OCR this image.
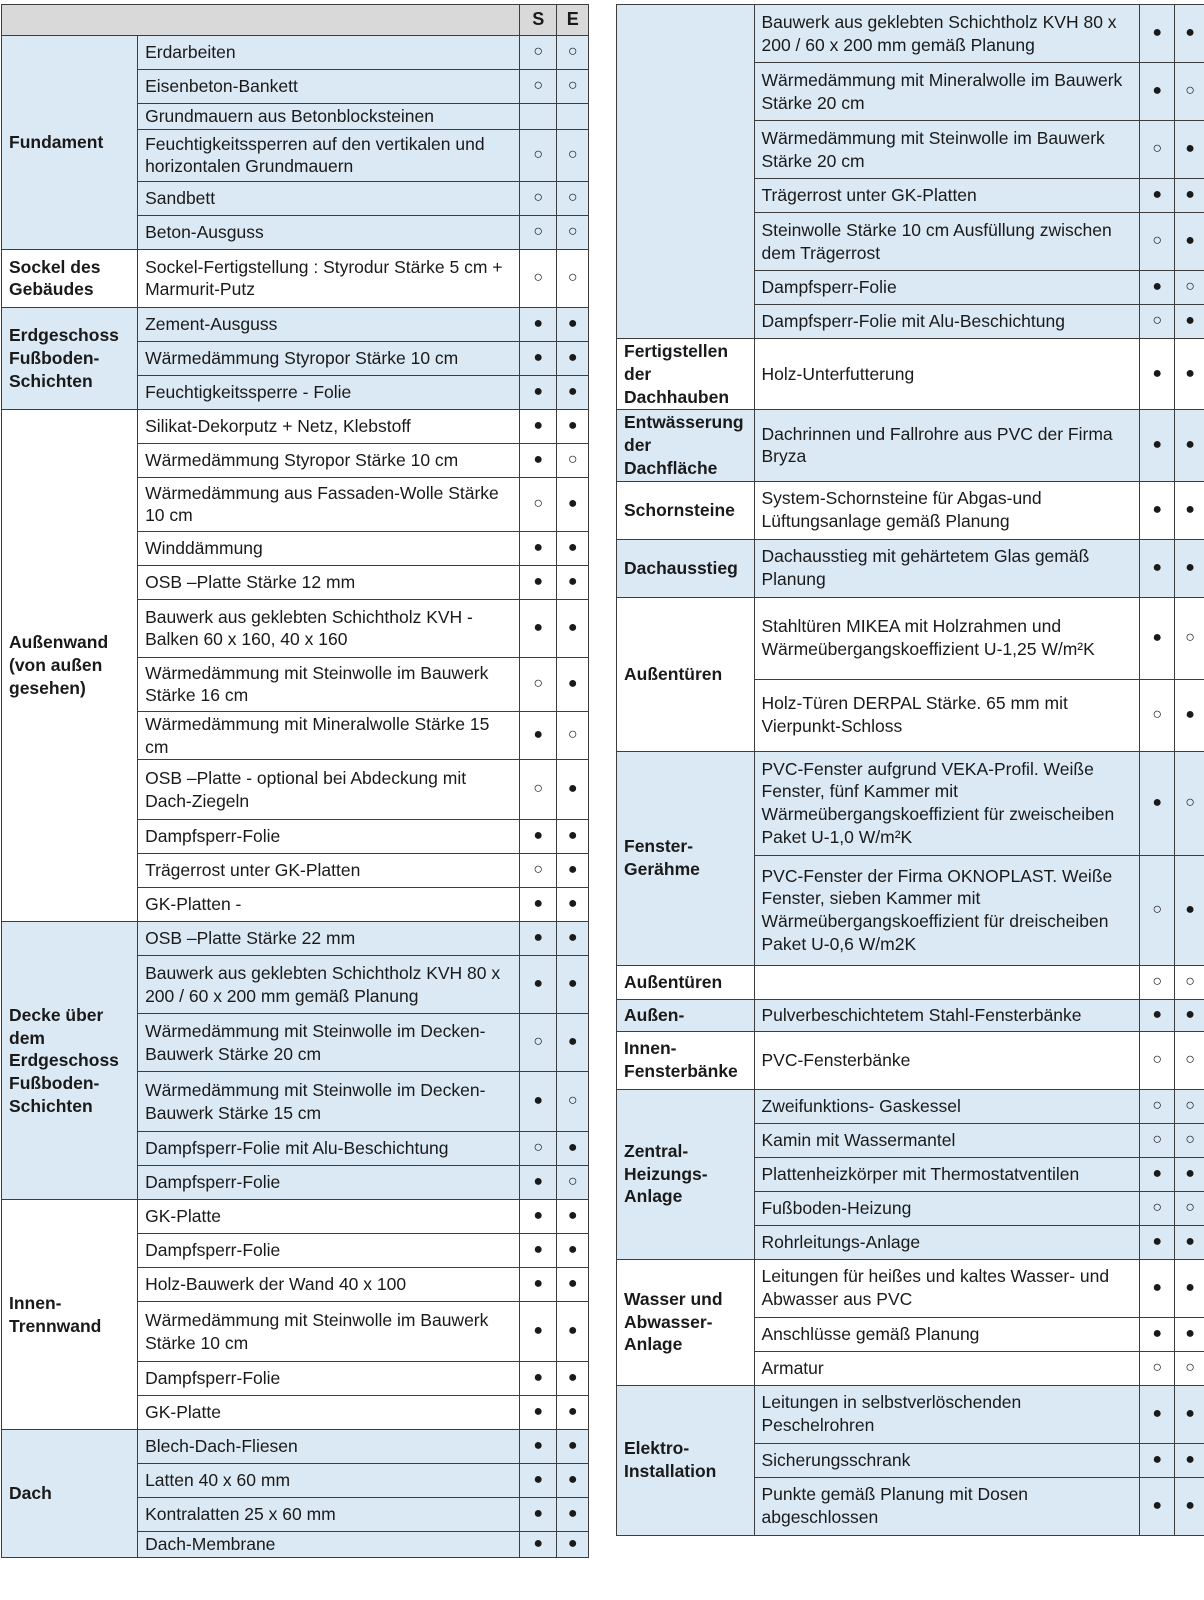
		S	E
Fundament	Erdarbeiten	○	○
	Eisenbeton-Bankett	○	○
	Grundmauern aus Betonblocksteinen		
	Feuchtigkeitssperren auf den vertikalen und horizontalen Grundmauern	○	○
	Sandbett	○	○
	Beton-Ausguss	○	○
Sockel des Gebäudes	Sockel-Fertigstellung : Styrodur Stärke 5 cm + Marmurit-Putz	○	○
Erdgeschoss Fußboden-Schichten	Zement-Ausguss	●	●
	Wärmedämmung Styropor Stärke 10 cm	●	●
	Feuchtigkeitssperre - Folie	●	●
Außenwand (von außen gesehen)	Silikat-Dekorputz + Netz, Klebstoff	●	●
	Wärmedämmung Styropor Stärke 10 cm	●	○
	Wärmedämmung aus Fassaden-Wolle Stärke 10 cm	○	●
	Winddämmung	●	●
	OSB –Platte Stärke 12 mm	●	●
	Bauwerk aus geklebten Schichtholz KVH - Balken 60 x 160, 40 x 160	●	●
	Wärmedämmung mit Steinwolle im Bauwerk Stärke 16 cm	○	●
	Wärmedämmung mit Mineralwolle Stärke 15 cm	●	○
	OSB –Platte - optional bei Abdeckung mit Dach-Ziegeln	○	●
	Dampfsperr-Folie	●	●
	Trägerrost unter GK-Platten	○	●
	GK-Platten -	●	●
Decke über dem Erdgeschoss Fußboden-Schichten	OSB –Platte Stärke 22 mm	●	●
	Bauwerk aus geklebten Schichtholz KVH 80 x 200 / 60 x 200 mm gemäß Planung	●	●
	Wärmedämmung mit Steinwolle im Decken-Bauwerk Stärke 20 cm	○	●
	Wärmedämmung mit Steinwolle im Decken-Bauwerk Stärke 15 cm	●	○
	Dampfsperr-Folie mit Alu-Beschichtung	○	●
	Dampfsperr-Folie	●	○
Innen-Trennwand	GK-Platte	●	●
	Dampfsperr-Folie	●	●
	Holz-Bauwerk der Wand 40 x 100	●	●
	Wärmedämmung mit Steinwolle im Bauwerk Stärke 10 cm	●	●
	Dampfsperr-Folie	●	●
	GK-Platte	●	●
Dach	Blech-Dach-Fliesen	●	●
	Latten 40 x 60 mm	●	●
	Kontralatten 25 x 60 mm	●	●
	Dach-Membrane	●	●
	Bauwerk aus geklebten Schichtholz KVH 80 x 200 / 60 x 200 mm gemäß Planung	●	●
	Wärmedämmung mit Mineralwolle im Bauwerk Stärke 20 cm	●	○
	Wärmedämmung mit Steinwolle im Bauwerk Stärke 20 cm	○	●
	Trägerrost unter GK-Platten	●	●
	Steinwolle Stärke 10 cm Ausfüllung zwischen dem Trägerrost	○	●
	Dampfsperr-Folie	●	○
	Dampfsperr-Folie mit Alu-Beschichtung	○	●
Fertigstellen der Dachhauben	Holz-Unterfutterung	●	●
Entwässerung der Dachfläche	Dachrinnen und Fallrohre aus PVC der Firma Bryza	●	●
Schornsteine	System-Schornsteine für Abgas-und Lüftungsanlage gemäß Planung	●	●
Dachausstieg	Dachausstieg mit gehärtetem Glas gemäß Planung	●	●
Außentüren	Stahltüren MIKEA mit Holzrahmen und Wärmeübergangskoeffizient U-1,25 W/m²K	●	○
	Holz-Türen DERPAL Stärke. 65 mm mit Vierpunkt-Schloss	○	●
Fenster-Gerähme	PVC-Fenster aufgrund VEKA-Profil. Weiße Fenster, fünf Kammer mit Wärmeübergangskoeffizient für zweischeiben Paket U-1,0 W/m²K	●	○
	PVC-Fenster der Firma OKNOPLAST. Weiße Fenster, sieben Kammer mit Wärmeübergangskoeffizient für dreischeiben Paket U-0,6 W/m2K	○	●
Außentüren		○	○
Außen-	Pulverbeschichtetem Stahl-Fensterbänke	●	●
Innen-Fensterbänke	PVC-Fensterbänke	○	○
Zentral-Heizungs-Anlage	Zweifunktions- Gaskessel	○	○
	Kamin mit Wassermantel	○	○
	Plattenheizkörper mit Thermostatventilen	●	●
	Fußboden-Heizung	○	○
	Rohrleitungs-Anlage	●	●
Wasser und Abwasser-Anlage	Leitungen für heißes und kaltes Wasser- und Abwasser aus PVC	●	●
	Anschlüsse gemäß Planung	●	●
	Armatur	○	○
Elektro-Installation	Leitungen in selbstverlöschenden Peschelrohren	●	●
	Sicherungsschrank	●	●
	Punkte gemäß Planung mit Dosen abgeschlossen	●	●
